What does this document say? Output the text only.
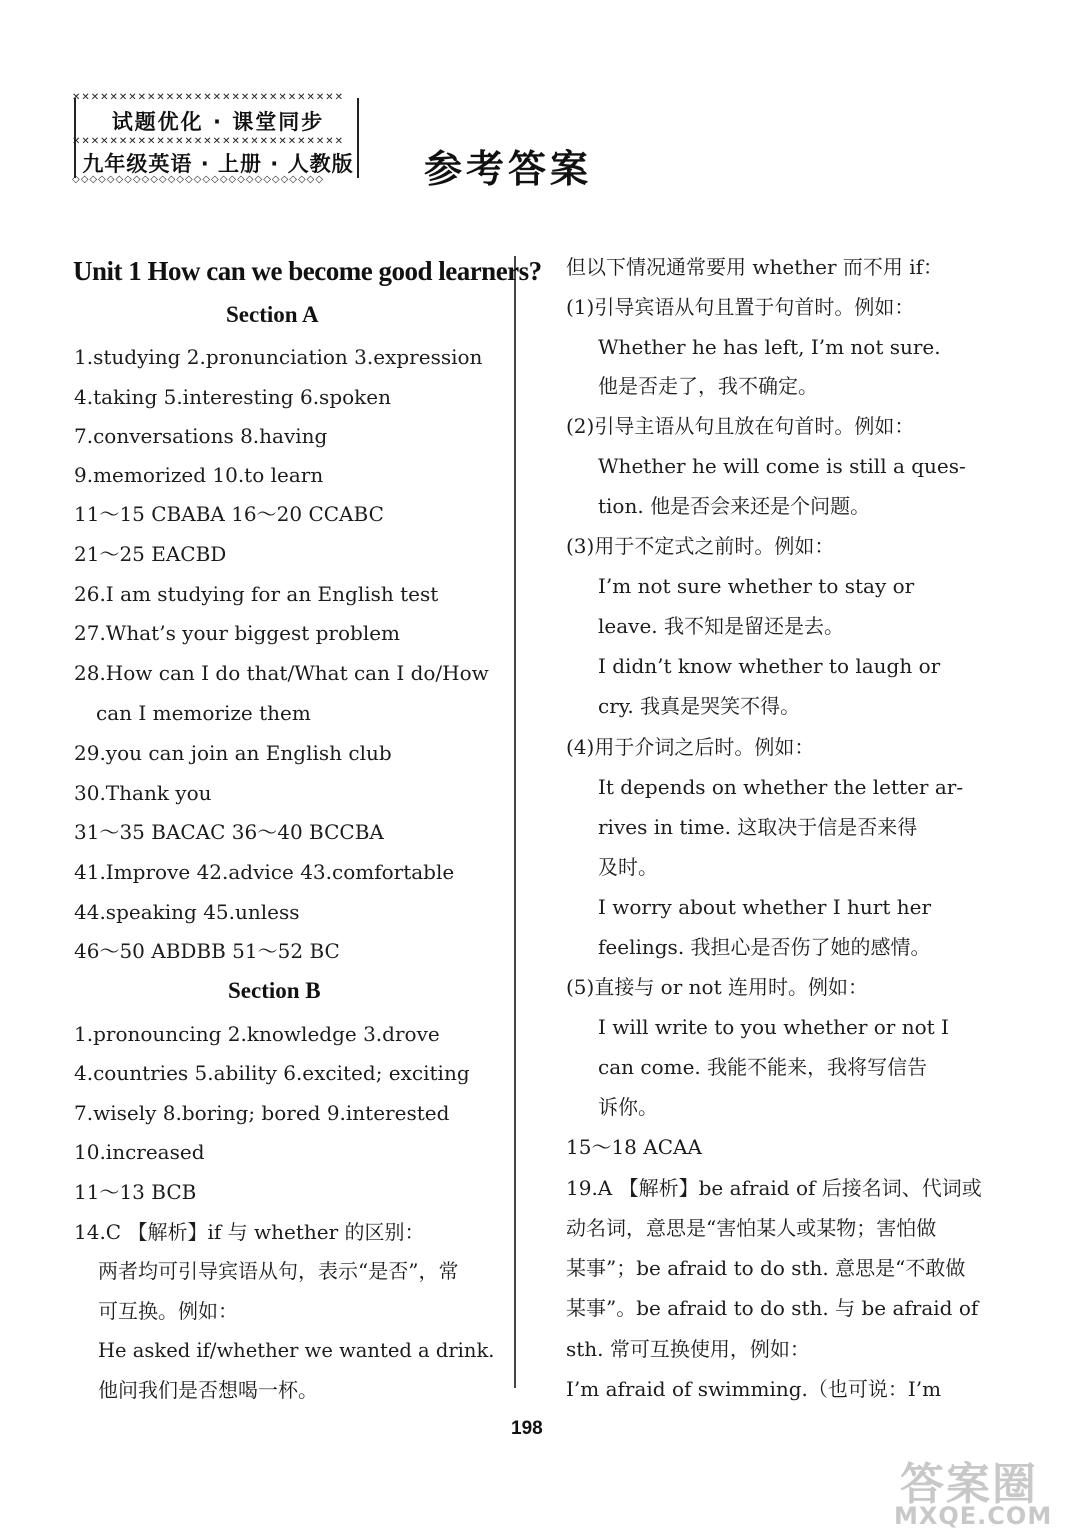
✕✕✕✕✕✕✕✕✕✕✕✕✕✕✕✕✕✕✕✕✕✕✕✕✕✕✕✕✕
✕✕✕✕✕✕✕✕✕✕✕✕✕✕✕✕✕✕✕✕✕✕✕✕✕✕✕✕✕
◇◇◇◇◇◇◇◇◇◇◇◇◇◇◇◇◇◇◇◇◇◇◇◇◇◇◇◇◇
试题优化 · 课堂同步
九年级英语 · 上册 · 人教版 参考答案
Unit 1 How can we become good learners?
Section A
1.studying 2.pronunciation 3.expression
4.taking 5.interesting 6.spoken
7.conversations 8.having
9.memorized 10.to learn
11～15 CBABA 16～20 CCABC
21～25 EACBD
26.I am studying for an English test
27.What’s your biggest problem
28.How can I do that/What can I do/How
can I memorize them
29.you can join an English club
30.Thank you
31～35 BACAC 36～40 BCCBA
41.Improve 42.advice 43.comfortable
44.speaking 45.unless
46～50 ABDBB 51～52 BC
Section B
1.pronouncing 2.knowledge 3.drove
4.countries 5.ability 6.excited; exciting
7.wisely 8.boring; bored 9.interested
10.increased
11～13 BCB
14.C 【解析】if 与 whether 的区别：
两者均可引导宾语从句，表示“是否”，常
可互换。例如：
He asked if/whether we wanted a drink.
他问我们是否想喝一杯。
但以下情况通常要用 whether 而不用 if：
(1)引导宾语从句且置于句首时。例如：
Whether he has left, I’m not sure.
他是否走了，我不确定。
(2)引导主语从句且放在句首时。例如：
Whether he will come is still a ques-
tion. 他是否会来还是个问题。
(3)用于不定式之前时。例如：
I’m not sure whether to stay or
leave. 我不知是留还是去。
I didn’t know whether to laugh or
cry. 我真是哭笑不得。
(4)用于介词之后时。例如：
It depends on whether the letter ar-
rives in time. 这取决于信是否来得
及时。
I worry about whether I hurt her
feelings. 我担心是否伤了她的感情。
(5)直接与 or not 连用时。例如：
I will write to you whether or not I
can come. 我能不能来，我将写信告
诉你。
15～18 ACAA
19.A 【解析】be afraid of 后接名词、代词或
动名词，意思是“害怕某人或某物；害怕做
某事”；be afraid to do sth. 意思是“不敢做
某事”。be afraid to do sth. 与 be afraid of
sth. 常可互换使用，例如：
I’m afraid of swimming.（也可说：I’m
198
答案圈
MXQE.COM
